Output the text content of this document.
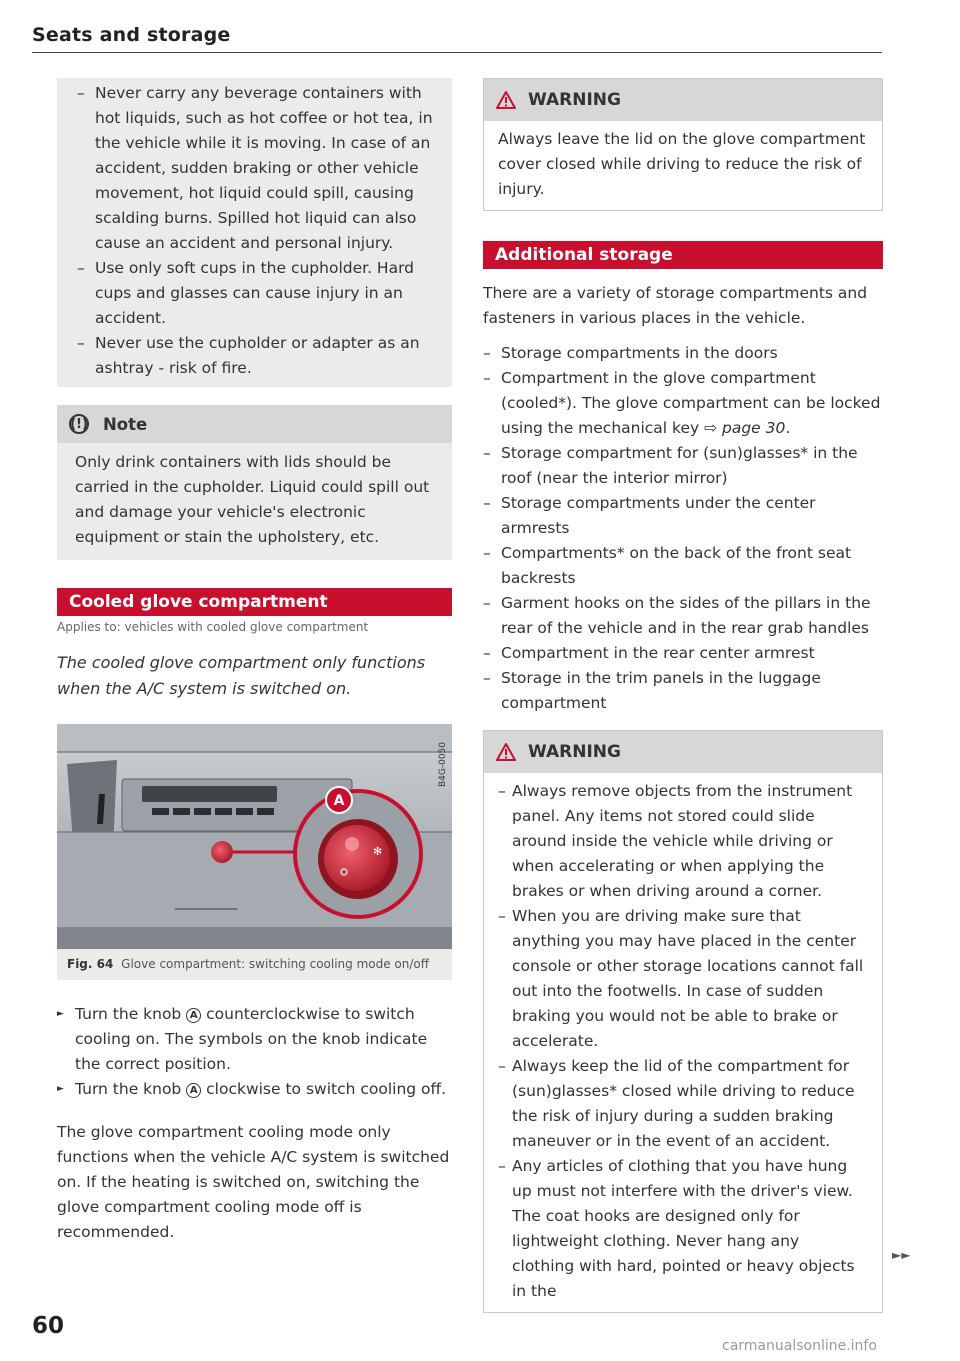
Seats and storage
– Never carry any beverage containers with hot liquids, such as hot coffee or hot tea, in the vehicle while it is moving. In case of an accident, sudden braking or other vehicle movement, hot liquid could spill, causing scalding burns. Spilled hot liquid can also cause an accident and personal injury.
– Use only soft cups in the cupholder. Hard cups and glasses can cause injury in an accident.
– Never use the cupholder or adapter as an ashtray - risk of fire.
(!) Note
Only drink containers with lids should be carried in the cupholder. Liquid could spill out and damage your vehicle's electronic equipment or stain the upholstery, etc.
Cooled glove compartment
Applies to: vehicles with cooled glove compartment
The cooled glove compartment only functions when the A/C system is switched on.
✻
A
B4G-0050
Fig. 64 Glove compartment: switching cooling mode on/off
► Turn the knob A counterclockwise to switch cooling on. The symbols on the knob indicate the correct position.
► Turn the knob A clockwise to switch cooling off.
The glove compartment cooling mode only functions when the vehicle A/C system is switched on. If the heating is switched on, switching the glove compartment cooling mode off is recommended.
WARNING
Always leave the lid on the glove compartment cover closed while driving to reduce the risk of injury.
Additional storage
There are a variety of storage compartments and fasteners in various places in the vehicle.
– Storage compartments in the doors
– Compartment in the glove compartment (cooled*). The glove compartment can be locked using the mechanical key ⇨ page 30.
– Storage compartment for (sun)glasses* in the roof (near the interior mirror)
– Storage compartments under the center armrests
– Compartments* on the back of the front seat backrests
– Garment hooks on the sides of the pillars in the rear of the vehicle and in the rear grab handles
– Compartment in the rear center armrest
– Storage in the trim panels in the luggage compartment
WARNING
– Always remove objects from the instrument panel. Any items not stored could slide around inside the vehicle while driving or when accelerating or when applying the brakes or when driving around a corner.
– When you are driving make sure that anything you may have placed in the center console or other storage locations cannot fall out into the footwells. In case of sudden braking you would not be able to brake or accelerate.
– Always keep the lid of the compartment for (sun)glasses* closed while driving to reduce the risk of injury during a sudden braking maneuver or in the event of an accident.
– Any articles of clothing that you have hung up must not interfere with the driver's view. The coat hooks are designed only for lightweight clothing. Never hang any clothing with hard, pointed or heavy objects in the
►►
60
carmanualsonline.info
